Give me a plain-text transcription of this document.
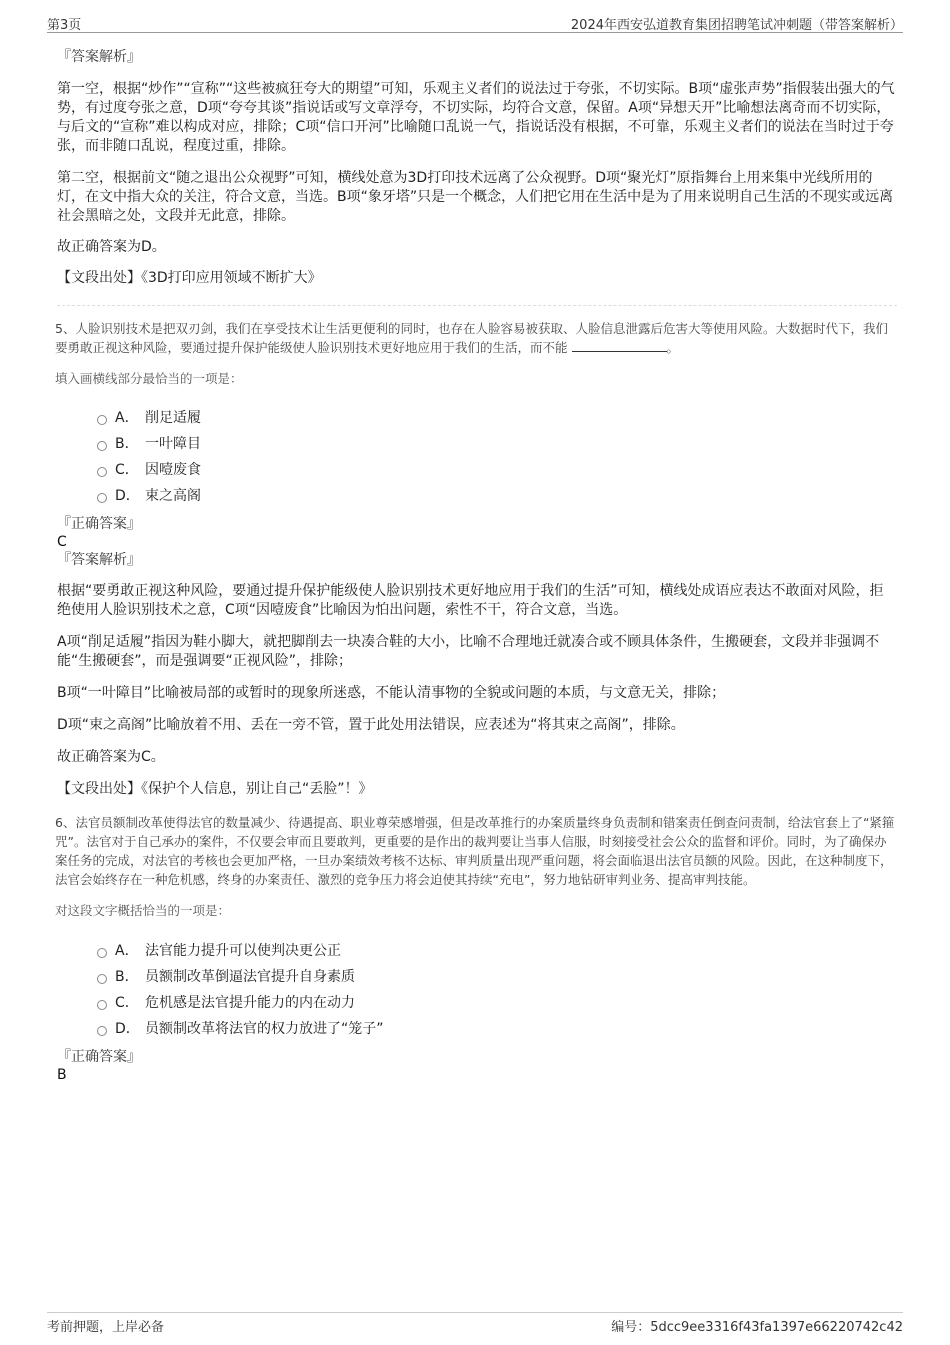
第3页	2024年西安弘道教育集团招聘笔试冲刺题（带答案解析）

『答案解析』

第一空，根据“炒作”“宣称”“这些被疯狂夸大的期望”可知，乐观主义者们的说法过于夸张，不切实际。B项“虚张声势”指假装出强大的气势，有过度夸张之意，D项“夸夸其谈”指说话或写文章浮夸，不切实际，均符合文意，保留。A项“异想天开”比喻想法离奇而不切实际，与后文的“宣称”难以构成对应，排除；C项“信口开河”比喻随口乱说一气，指说话没有根据，不可靠，乐观主义者们的说法在当时过于夸张，而非随口乱说，程度过重，排除。

第二空，根据前文“随之退出公众视野”可知，横线处意为3D打印技术远离了公众视野。D项“聚光灯”原指舞台上用来集中光线所用的灯，在文中指大众的关注，符合文意，当选。B项“象牙塔”只是一个概念，人们把它用在生活中是为了用来说明自己生活的不现实或远离社会黑暗之处，文段并无此意，排除。

故正确答案为D。

【文段出处】《3D打印应用领域不断扩大》

5、人脸识别技术是把双刃剑，我们在享受技术让生活更便利的同时，也存在人脸容易被获取、人脸信息泄露后危害大等使用风险。大数据时代下，我们要勇敢正视这种风险，要通过提升保护能级使人脸识别技术更好地应用于我们的生活，而不能	。

填入画横线部分最恰当的一项是：

A． 削足适履
B． 一叶障目
C． 因噎废食
D． 束之高阁

『正确答案』

C

『答案解析』

根据“要勇敢正视这种风险，要通过提升保护能级使人脸识别技术更好地应用于我们的生活”可知，横线处成语应表达不敢面对风险，拒绝使用人脸识别技术之意，C项“因噎废食”比喻因为怕出问题，索性不干，符合文意，当选。

A项“削足适履”指因为鞋小脚大，就把脚削去一块凑合鞋的大小，比喻不合理地迁就凑合或不顾具体条件，生搬硬套，文段并非强调不能“生搬硬套”，而是强调要“正视风险”，排除；

B项“一叶障目”比喻被局部的或暂时的现象所迷惑，不能认清事物的全貌或问题的本质，与文意无关，排除；

D项“束之高阁”比喻放着不用、丢在一旁不管，置于此处用法错误，应表述为“将其束之高阁”，排除。

故正确答案为C。

【文段出处】《保护个人信息，别让自己“丢脸”！》

6、法官员额制改革使得法官的数量减少、待遇提高、职业尊荣感增强，但是改革推行的办案质量终身负责制和错案责任倒查问责制，给法官套上了“紧箍咒”。法官对于自己承办的案件，不仅要会审而且要敢判，更重要的是作出的裁判要让当事人信服，时刻接受社会公众的监督和评价。同时，为了确保办案任务的完成，对法官的考核也会更加严格，一旦办案绩效考核不达标、审判质量出现严重问题，将会面临退出法官员额的风险。因此，在这种制度下，法官会始终存在一种危机感，终身的办案责任、激烈的竞争压力将会迫使其持续“充电”，努力地钻研审判业务、提高审判技能。

对这段文字概括恰当的一项是：

A． 法官能力提升可以使判决更公正
B． 员额制改革倒逼法官提升自身素质
C． 危机感是法官提升能力的内在动力
D． 员额制改革将法官的权力放进了“笼子”

『正确答案』

B

考前押题，上岸必备	编号：5dcc9ee3316f43fa1397e66220742c42
